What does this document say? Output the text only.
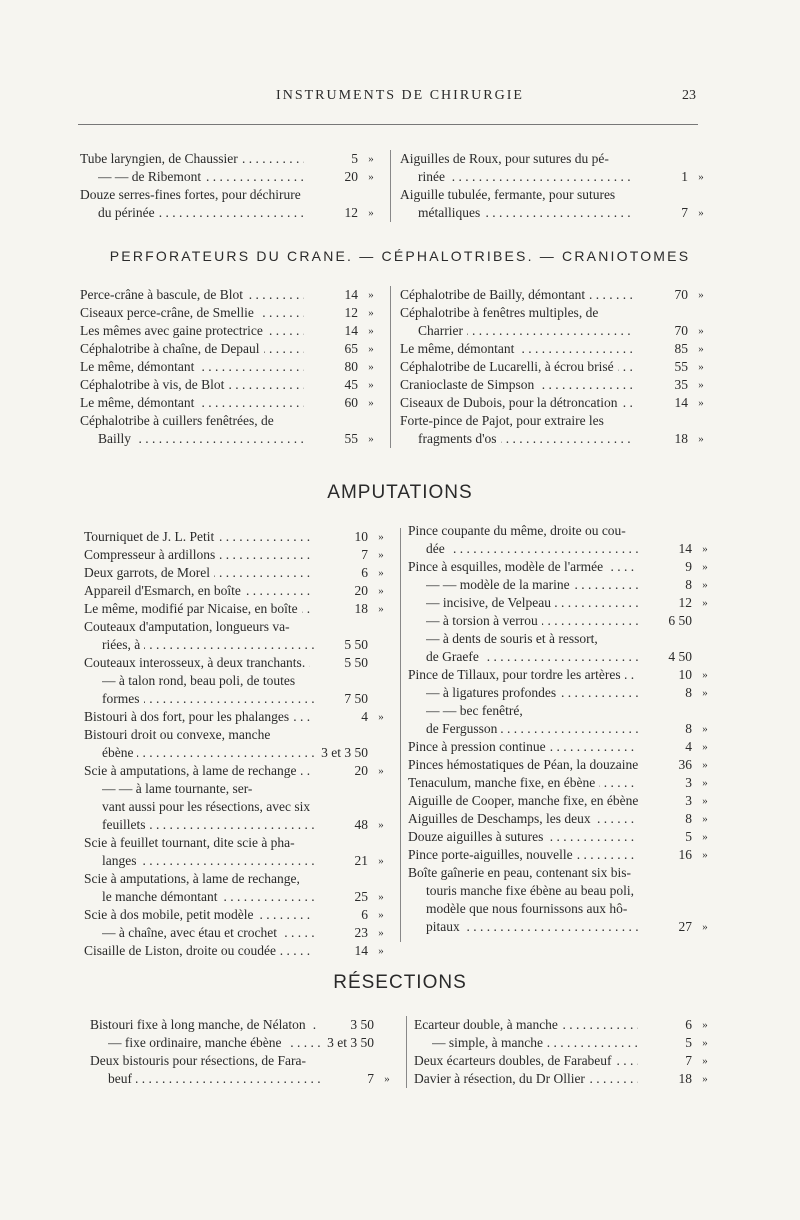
INSTRUMENTS DE CHIRURGIE	23
Tube laryngien, de Chaussier
. . .	5 »
— — de Ribemont
. . .	20 »
Douze serres-fines fortes, pour déchirure
du périnée
. . .	12 »
Aiguilles de Roux, pour sutures du pé-
rinée
. . .	1 »
Aiguille tubulée, fermante, pour sutures
métalliques
. . .	7 »
PERFORATEURS DU CRANE. — CÉPHALOTRIBES. — CRANIOTOMES
Perce-crâne à bascule, de Blot
. . .	14 »
Ciseaux perce-crâne, de Smellie
. . .	12 »
Les mêmes avec gaine protectrice
. . .	14 »
Céphalotribe à chaîne, de Depaul
. . .	65 »
Le même, démontant
. . .	80 »
Céphalotribe à vis, de Blot
. . .	45 »
Le même, démontant
. . .	60 »
Céphalotribe à cuillers fenêtrées, de
Bailly
. . .	55 »
Céphalotribe de Bailly, démontant
. . .	70 »
Céphalotribe à fenêtres multiples, de
Charrier
. . .	70 »
Le même, démontant
. . .	85 »
Céphalotribe de Lucarelli, à écrou brisé
. . .	55 »
Cranioclaste de Simpson
. . .	35 »
Ciseaux de Dubois, pour la détroncation
. . .	14 »
Forte-pince de Pajot, pour extraire les
fragments d'os
. . .	18 »
AMPUTATIONS
Tourniquet de J. L. Petit
. . .	10 »
Compresseur à ardillons
. . .	7 »
Deux garrots, de Morel
. . .	6 »
Appareil d'Esmarch, en boîte
. . .	20 »
Le même, modifié par Nicaise, en boîte
. . .	18 »
Couteaux d'amputation, longueurs va-
riées, à
. . .	5 50
Couteaux interosseux, à deux tranchants.
. . .	5 50
— à talon rond, beau poli, de toutes
formes
. . .	7 50
Bistouri à dos fort, pour les phalanges
. . .	4 »
Bistouri droit ou convexe, manche
ébène
. . .	3 et 3 50
Scie à amputations, à lame de rechange
. . .	20 »
— — à lame tournante, ser-
vant aussi pour les résections, avec six
feuillets
. . .	48 »
Scie à feuillet tournant, dite scie à pha-
langes
. . .	21 »
Scie à amputations, à lame de rechange,
le manche démontant
. . .	25 »
Scie à dos mobile, petit modèle
. . .	6 »
— à chaîne, avec étau et crochet
. . .	23 »
Cisaille de Liston, droite ou coudée
. . .	14 »
Pince coupante du même, droite ou cou-
dée
. . .	14 »
Pince à esquilles, modèle de l'armée
. . .	9 »
— — modèle de la marine
. . .	8 »
— incisive, de Velpeau
. . .	12 »
— à torsion à verrou
. . .	6 50
— à dents de souris et à ressort,
de Graefe
. . .	4 50
Pince de Tillaux, pour tordre les artères
. . .	10 »
— à ligatures profondes
. . .	8 »
— — bec fenêtré,
de Fergusson
. . .	8 »
Pince à pression continue
. . .	4 »
Pinces hémostatiques de Péan, la douzaine
. . .	36 »
Tenaculum, manche fixe, en ébène
. . .	3 »
Aiguille de Cooper, manche fixe, en ébène
. . .	3 »
Aiguilles de Deschamps, les deux
. . .	8 »
Douze aiguilles à sutures
. . .	5 »
Pince porte-aiguilles, nouvelle
. . .	16 »
Boîte gaînerie en peau, contenant six bis-
touris manche fixe ébène au beau poli,
modèle que nous fournissons aux hô-
pitaux
. . .	27 »
RÉSECTIONS
Bistouri fixe à long manche, de Nélaton
. . .	3 50
— fixe ordinaire, manche ébène
. . .	3 et 3 50
Deux bistouris pour résections, de Fara-
beuf
. . .	7 »
Ecarteur double, à manche
. . .	6 »
— simple, à manche
. . .	5 »
Deux écarteurs doubles, de Farabeuf
. . .	7 »
Davier à résection, du Dr Ollier
. . .	18 »
